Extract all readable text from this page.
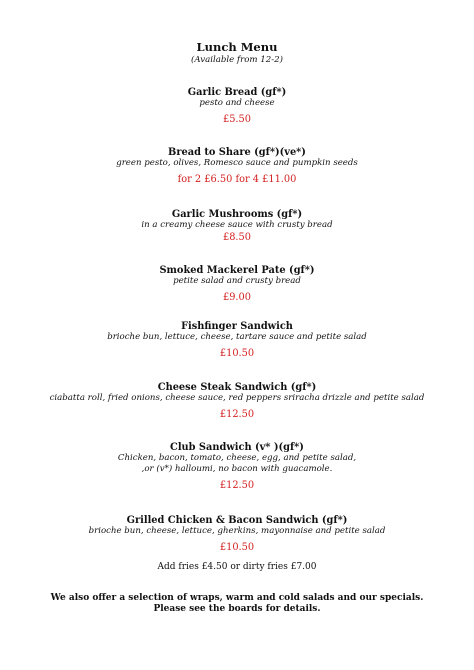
Lunch Menu
(Available from 12-2)
Garlic Bread (gf*)
pesto and cheese
£5.50
Bread to Share (gf*)(ve*)
green pesto, olives, Romesco sauce and pumpkin seeds
for 2 £6.50 for 4 £11.00
Garlic Mushrooms (gf*)
in a creamy cheese sauce with crusty bread
£8.50
Smoked Mackerel Pate (gf*)
petite salad and crusty bread
£9.00
Fishfinger Sandwich
brioche bun, lettuce, cheese, tartare sauce and petite salad
£10.50
Cheese Steak Sandwich (gf*)
ciabatta roll, fried onions, cheese sauce, red peppers sriracha drizzle and petite salad
£12.50
Club Sandwich (v* )(gf*)
Chicken, bacon, tomato, cheese, egg, and petite salad,
,or (v*) halloumi, no bacon with guacamole.
£12.50
Grilled Chicken & Bacon Sandwich (gf*)
brioche bun, cheese, lettuce, gherkins, mayonnaise and petite salad
£10.50
Add fries £4.50 or dirty fries £7.00
We also offer a selection of wraps, warm and cold salads and our specials.
Please see the boards for details.
